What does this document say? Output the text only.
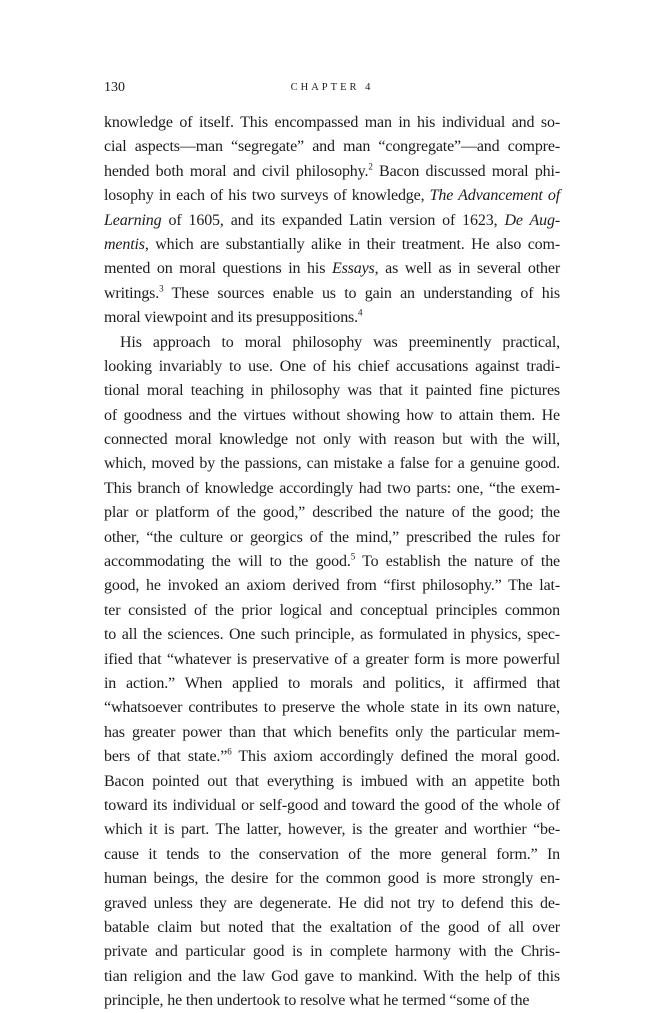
130	CHAPTER 4
knowledge of itself. This encompassed man in his individual and so-
cial aspects—man “segregate” and man “congregate”—and compre-
hended both moral and civil philosophy.$^2$ Bacon discussed moral phi-
losophy in each of his two surveys of knowledge, The Advancement of
Learning of 1605, and its expanded Latin version of 1623, De Aug-
mentis, which are substantially alike in their treatment. He also com-
mented on moral questions in his Essays, as well as in several other
writings.$^3$ These sources enable us to gain an understanding of his
moral viewpoint and its presuppositions.$^4$
His approach to moral philosophy was preeminently practical,
looking invariably to use. One of his chief accusations against tradi-
tional moral teaching in philosophy was that it painted fine pictures
of goodness and the virtues without showing how to attain them. He
connected moral knowledge not only with reason but with the will,
which, moved by the passions, can mistake a false for a genuine good.
This branch of knowledge accordingly had two parts: one, “the exem-
plar or platform of the good,” described the nature of the good; the
other, “the culture or georgics of the mind,” prescribed the rules for
accommodating the will to the good.$^5$ To establish the nature of the
good, he invoked an axiom derived from “first philosophy.” The lat-
ter consisted of the prior logical and conceptual principles common
to all the sciences. One such principle, as formulated in physics, spec-
ified that “whatever is preservative of a greater form is more powerful
in action.” When applied to morals and politics, it affirmed that
“whatsoever contributes to preserve the whole state in its own nature,
has greater power than that which benefits only the particular mem-
bers of that state.”$^6$ This axiom accordingly defined the moral good.
Bacon pointed out that everything is imbued with an appetite both
toward its individual or self-good and toward the good of the whole of
which it is part. The latter, however, is the greater and worthier “be-
cause it tends to the conservation of the more general form.” In
human beings, the desire for the common good is more strongly en-
graved unless they are degenerate. He did not try to defend this de-
batable claim but noted that the exaltation of the good of all over
private and particular good is in complete harmony with the Chris-
tian religion and the law God gave to mankind. With the help of this
principle, he then undertook to resolve what he termed “some of the
